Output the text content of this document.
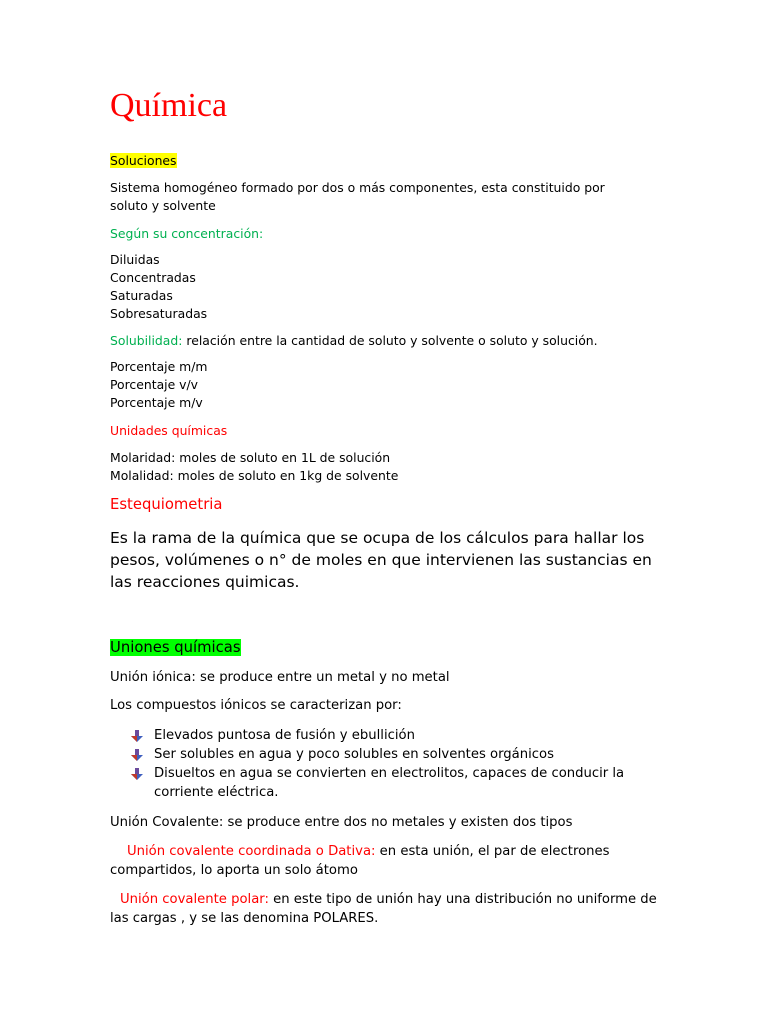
Química
Soluciones
Sistema homogéneo formado por dos o más componentes, esta constituido por soluto y solvente
Según su concentración:
Diluidas
Concentradas
Saturadas
Sobresaturadas
Solubilidad: relación entre la cantidad de soluto y solvente o soluto y solución.
Porcentaje m/m
Porcentaje v/v
Porcentaje m/v
Unidades químicas
Molaridad: moles de soluto en 1L de solución
Molalidad: moles de soluto en 1kg de solvente
Estequiometria
Es la rama de la química que se ocupa de los cálculos para hallar los pesos, volúmenes o n° de moles en que intervienen las sustancias en las reacciones quimicas.
Uniones químicas
Unión iónica: se produce entre un metal y no metal
Los compuestos iónicos se caracterizan por:
Elevados puntosa de fusión y ebullición
Ser solubles en agua y poco solubles en solventes orgánicos
Disueltos en agua se convierten en electrolitos, capaces de conducir la corriente eléctrica.
Unión Covalente: se produce entre dos no metales y existen dos tipos
Unión covalente coordinada o Dativa: en esta unión, el par de electrones compartidos, lo aporta un solo átomo
Unión covalente polar: en este tipo de unión hay una distribución no uniforme de las cargas , y se las denomina POLARES.
